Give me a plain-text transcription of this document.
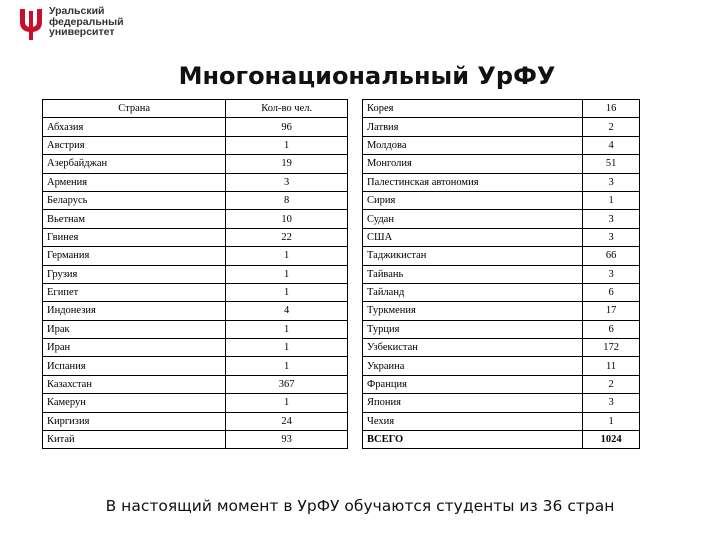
Уральский
федеральный
университет
Многонациональный УрФУ
Страна	Кол-во чел.
Абхазия	96
Австрия	1
Азербайджан	19
Армения	3
Беларусь	8
Вьетнам	10
Гвинея	22
Германия	1
Грузия	1
Египет	1
Индонезия	4
Ирак	1
Иран	1
Испания	1
Казахстан	367
Камерун	1
Киргизия	24
Китай	93
Корея	16
Латвия	2
Молдова	4
Монголия	51
Палестинская автономия	3
Сирия	1
Судан	3
США	3
Таджикистан	66
Тайвань	3
Тайланд	6
Туркмения	17
Турция	6
Узбекистан	172
Украина	11
Франция	2
Япония	3
Чехия	1
ВСЕГО	1024
В настоящий момент в УрФУ обучаются студенты из 36 стран
